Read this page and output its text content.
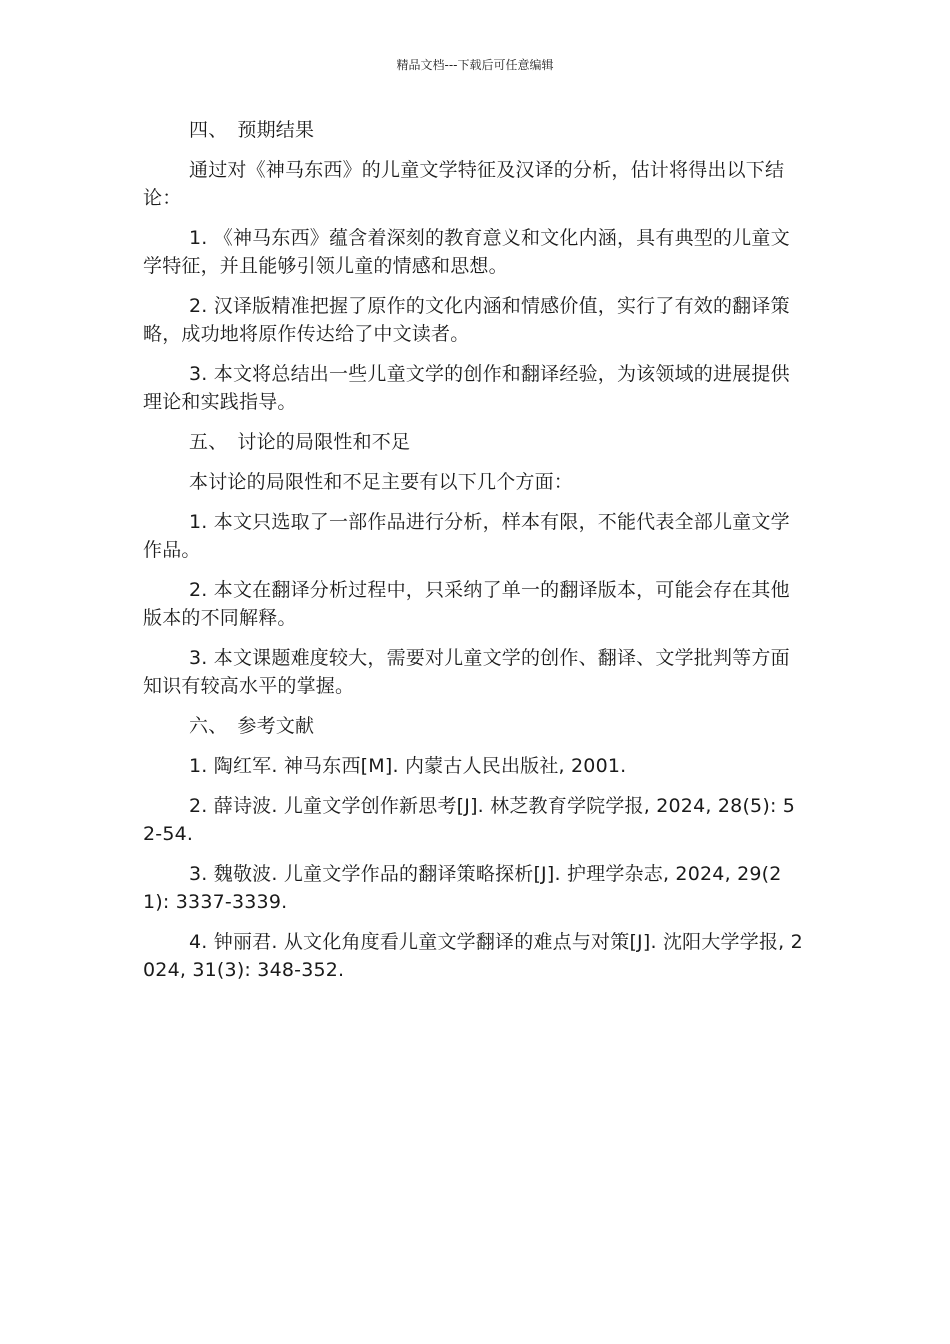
精品文档---下载后可任意编辑

四、 预期结果

通过对《神马东西》的儿童文学特征及汉译的分析，估计将得出以下结论：

1. 《神马东西》蕴含着深刻的教育意义和文化内涵，具有典型的儿童文学特征，并且能够引领儿童的情感和思想。

2. 汉译版精准把握了原作的文化内涵和情感价值，实行了有效的翻译策略，成功地将原作传达给了中文读者。

3. 本文将总结出一些儿童文学的创作和翻译经验，为该领域的进展提供理论和实践指导。

五、 讨论的局限性和不足

本讨论的局限性和不足主要有以下几个方面：

1. 本文只选取了一部作品进行分析，样本有限，不能代表全部儿童文学作品。

2. 本文在翻译分析过程中，只采纳了单一的翻译版本，可能会存在其他版本的不同解释。

3. 本文课题难度较大，需要对儿童文学的创作、翻译、文学批判等方面知识有较高水平的掌握。

六、 参考文献

1. 陶红军. 神马东西[M]. 内蒙古人民出版社, 2001.

2. 薛诗波. 儿童文学创作新思考[J]. 林芝教育学院学报, 2024, 28(5): 52-54.

3. 魏敬波. 儿童文学作品的翻译策略探析[J]. 护理学杂志, 2024, 29(21): 3337-3339.

4. 钟丽君. 从文化角度看儿童文学翻译的难点与对策[J]. 沈阳大学学报, 2024, 31(3): 348-352.
